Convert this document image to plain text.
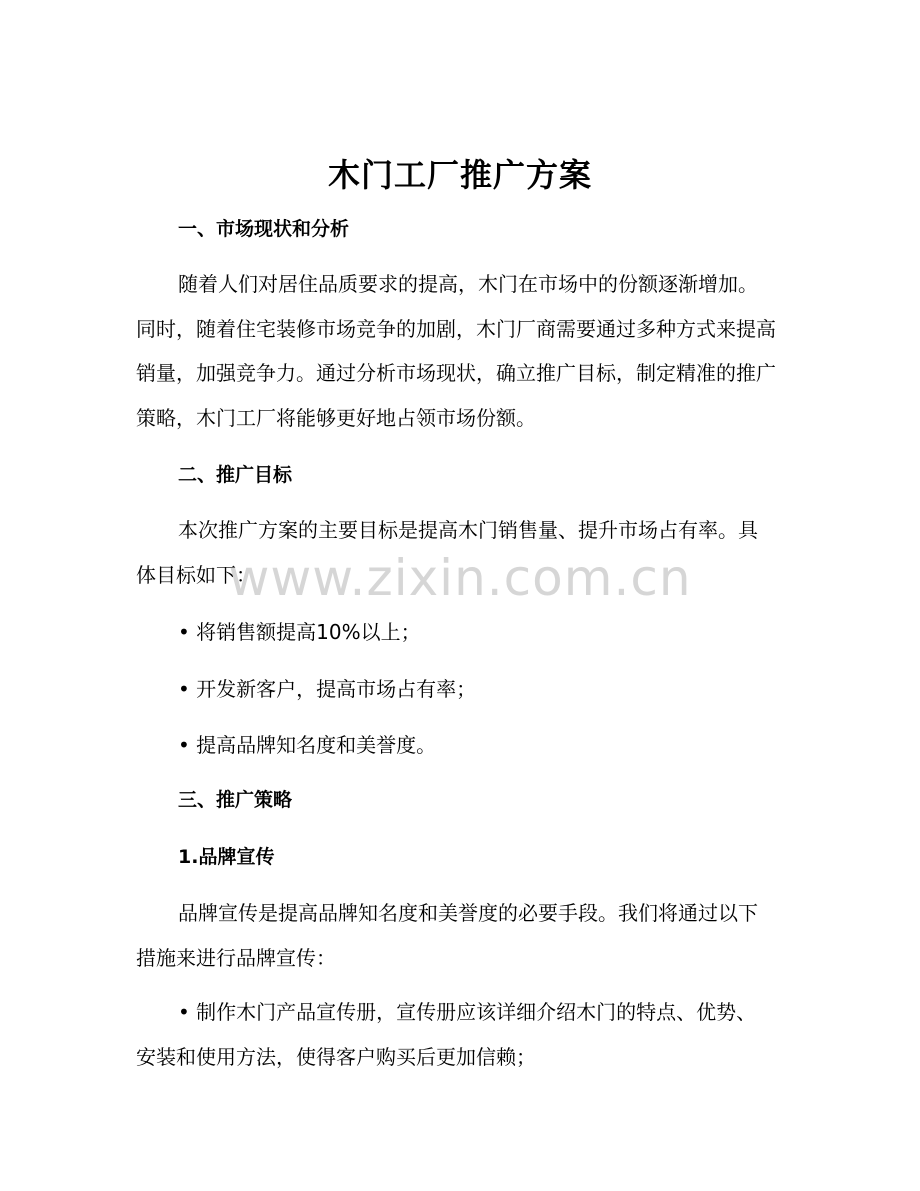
木门工厂推广方案
一、市场现状和分析

随着人们对居住品质要求的提高，木门在市场中的份额逐渐增加。同时，随着住宅装修市场竞争的加剧，木门厂商需要通过多种方式来提高销量，加强竞争力。通过分析市场现状，确立推广目标，制定精准的推广策略，木门工厂将能够更好地占领市场份额。

二、推广目标

本次推广方案的主要目标是提高木门销售量、提升市场占有率。具体目标如下：

• 将销售额提高10%以上；
• 开发新客户，提高市场占有率；
• 提高品牌知名度和美誉度。
三、推广策略
1.品牌宣传

品牌宣传是提高品牌知名度和美誉度的必要手段。我们将通过以下措施来进行品牌宣传：

• 制作木门产品宣传册，宣传册应该详细介绍木门的特点、优势、安装和使用方法，使得客户购买后更加信赖；

www.zixin.com.cn
